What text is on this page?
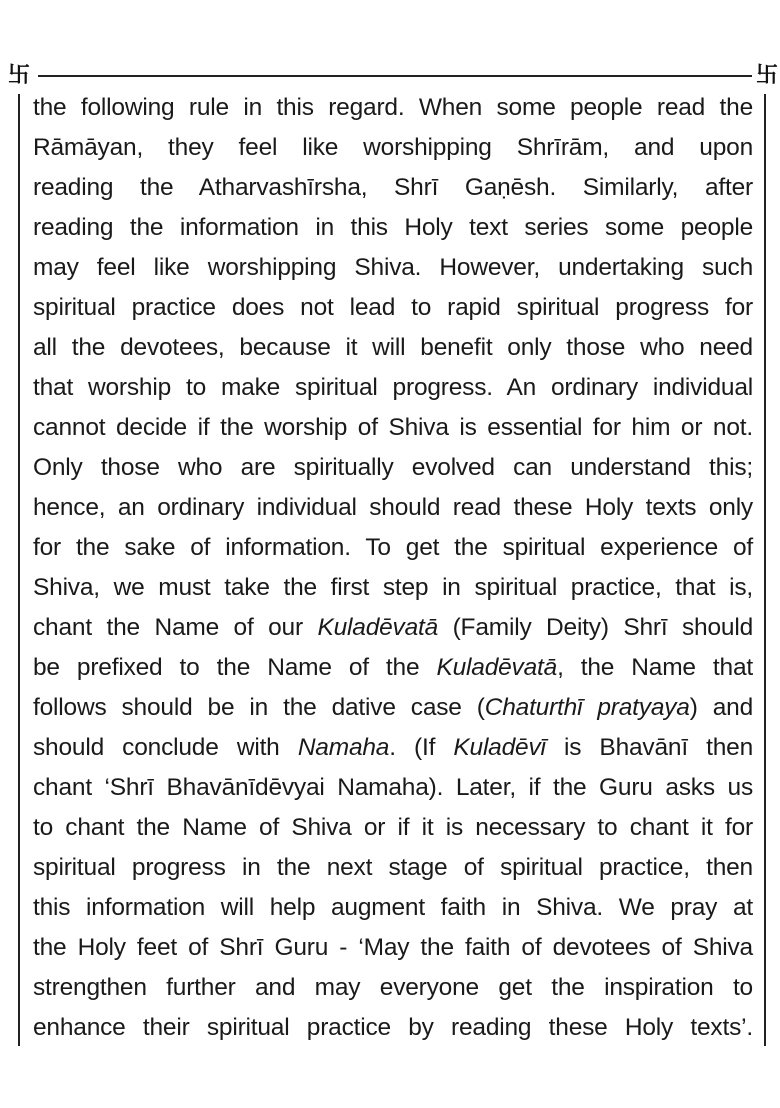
卐	卐
the following rule in this regard. When some people read the
Rāmāyan, they feel like worshipping Shrīrām, and upon
reading the Atharvashīrsha, Shrī Gaṇēsh. Similarly, after
reading the information in this Holy text series some people
may feel like worshipping Shiva. However, undertaking such
spiritual practice does not lead to rapid spiritual progress for
all the devotees, because it will benefit only those who need
that worship to make spiritual progress. An ordinary individual
cannot decide if the worship of Shiva is essential for him or not.
Only those who are spiritually evolved can understand this;
hence, an ordinary individual should read these Holy texts only
for the sake of information. To get the spiritual experience of
Shiva, we must take the first step in spiritual practice, that is,
chant the Name of our Kuladēvatā (Family Deity) Shrī should
be prefixed to the Name of the Kuladēvatā, the Name that
follows should be in the dative case (Chaturthī pratyaya) and
should conclude with Namaha. (If Kuladēvī is Bhavānī then
chant ‘Shrī Bhavānīdēvyai Namaha). Later, if the Guru asks us
to chant the Name of Shiva or if it is necessary to chant it for
spiritual progress in the next stage of spiritual practice, then
this information will help augment faith in Shiva. We pray at
the Holy feet of Shrī Guru - ‘May the faith of devotees of Shiva
strengthen further and may everyone get the inspiration to
enhance their spiritual practice by reading these Holy texts’.
